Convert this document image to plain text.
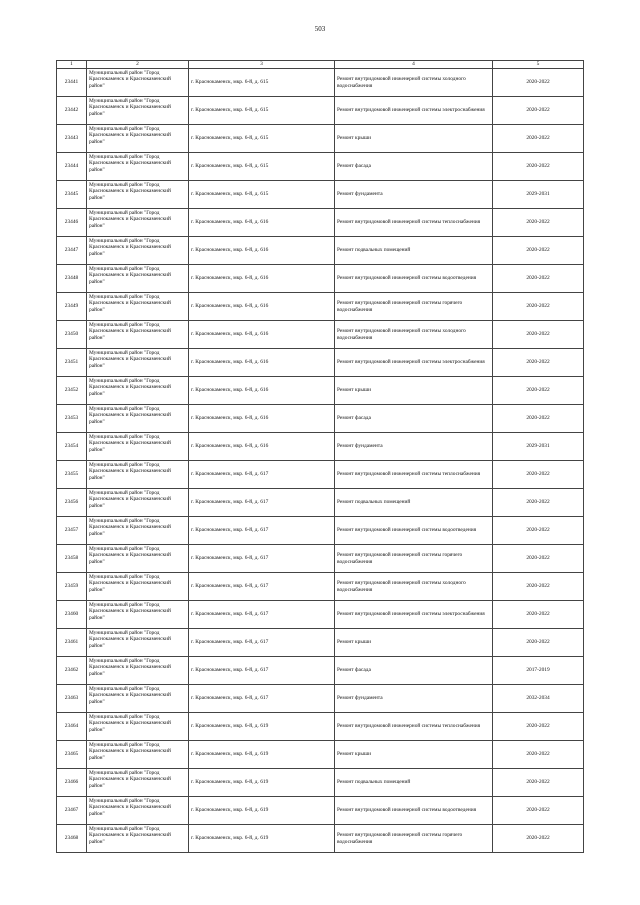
503
1	2	3	4	5
23441	Муниципальный район "Город Краснокаменск и Краснокаменский район"	г. Краснокаменск, мкр. 6-й, д. 615	Ремонт внутридомовой инженерной системы холодного водоснабжения	2020-2022
23442	Муниципальный район "Город Краснокаменск и Краснокаменский район"	г. Краснокаменск, мкр. 6-й, д. 615	Ремонт внутридомовой инженерной системы электроснабжения	2020-2022
23443	Муниципальный район "Город Краснокаменск и Краснокаменский район"	г. Краснокаменск, мкр. 6-й, д. 615	Ремонт крыши	2020-2022
23444	Муниципальный район "Город Краснокаменск и Краснокаменский район"	г. Краснокаменск, мкр. 6-й, д. 615	Ремонт фасада	2020-2022
23445	Муниципальный район "Город Краснокаменск и Краснокаменский район"	г. Краснокаменск, мкр. 6-й, д. 615	Ремонт фундамента	2029-2031
23446	Муниципальный район "Город Краснокаменск и Краснокаменский район"	г. Краснокаменск, мкр. 6-й, д. 616	Ремонт внутридомовой инженерной системы теплоснабжения	2020-2022
23447	Муниципальный район "Город Краснокаменск и Краснокаменский район"	г. Краснокаменск, мкр. 6-й, д. 616	Ремонт подвальных помещений	2020-2022
23448	Муниципальный район "Город Краснокаменск и Краснокаменский район"	г. Краснокаменск, мкр. 6-й, д. 616	Ремонт внутридомовой инженерной системы водоотведения	2020-2022
23449	Муниципальный район "Город Краснокаменск и Краснокаменский район"	г. Краснокаменск, мкр. 6-й, д. 616	Ремонт внутридомовой инженерной системы горячего водоснабжения	2020-2022
23450	Муниципальный район "Город Краснокаменск и Краснокаменский район"	г. Краснокаменск, мкр. 6-й, д. 616	Ремонт внутридомовой инженерной системы холодного водоснабжения	2020-2022
23451	Муниципальный район "Город Краснокаменск и Краснокаменский район"	г. Краснокаменск, мкр. 6-й, д. 616	Ремонт внутридомовой инженерной системы электроснабжения	2020-2022
23452	Муниципальный район "Город Краснокаменск и Краснокаменский район"	г. Краснокаменск, мкр. 6-й, д. 616	Ремонт крыши	2020-2022
23453	Муниципальный район "Город Краснокаменск и Краснокаменский район"	г. Краснокаменск, мкр. 6-й, д. 616	Ремонт фасада	2020-2022
23454	Муниципальный район "Город Краснокаменск и Краснокаменский район"	г. Краснокаменск, мкр. 6-й, д. 616	Ремонт фундамента	2029-2031
23455	Муниципальный район "Город Краснокаменск и Краснокаменский район"	г. Краснокаменск, мкр. 6-й, д. 617	Ремонт внутридомовой инженерной системы теплоснабжения	2020-2022
23456	Муниципальный район "Город Краснокаменск и Краснокаменский район"	г. Краснокаменск, мкр. 6-й, д. 617	Ремонт подвальных помещений	2020-2022
23457	Муниципальный район "Город Краснокаменск и Краснокаменский район"	г. Краснокаменск, мкр. 6-й, д. 617	Ремонт внутридомовой инженерной системы водоотведения	2020-2022
23458	Муниципальный район "Город Краснокаменск и Краснокаменский район"	г. Краснокаменск, мкр. 6-й, д. 617	Ремонт внутридомовой инженерной системы горячего водоснабжения	2020-2022
23459	Муниципальный район "Город Краснокаменск и Краснокаменский район"	г. Краснокаменск, мкр. 6-й, д. 617	Ремонт внутридомовой инженерной системы холодного водоснабжения	2020-2022
23460	Муниципальный район "Город Краснокаменск и Краснокаменский район"	г. Краснокаменск, мкр. 6-й, д. 617	Ремонт внутридомовой инженерной системы электроснабжения	2020-2022
23461	Муниципальный район "Город Краснокаменск и Краснокаменский район"	г. Краснокаменск, мкр. 6-й, д. 617	Ремонт крыши	2020-2022
23462	Муниципальный район "Город Краснокаменск и Краснокаменский район"	г. Краснокаменск, мкр. 6-й, д. 617	Ремонт фасада	2017-2019
23463	Муниципальный район "Город Краснокаменск и Краснокаменский район"	г. Краснокаменск, мкр. 6-й, д. 617	Ремонт фундамента	2032-2034
23464	Муниципальный район "Город Краснокаменск и Краснокаменский район"	г. Краснокаменск, мкр. 6-й, д. 619	Ремонт внутридомовой инженерной системы теплоснабжения	2020-2022
23465	Муниципальный район "Город Краснокаменск и Краснокаменский район"	г. Краснокаменск, мкр. 6-й, д. 619	Ремонт крыши	2020-2022
23466	Муниципальный район "Город Краснокаменск и Краснокаменский район"	г. Краснокаменск, мкр. 6-й, д. 619	Ремонт подвальных помещений	2020-2022
23467	Муниципальный район "Город Краснокаменск и Краснокаменский район"	г. Краснокаменск, мкр. 6-й, д. 619	Ремонт внутридомовой инженерной системы водоотведения	2020-2022
23468	Муниципальный район "Город Краснокаменск и Краснокаменский район"	г. Краснокаменск, мкр. 6-й, д. 619	Ремонт внутридомовой инженерной системы горячего водоснабжения	2020-2022
